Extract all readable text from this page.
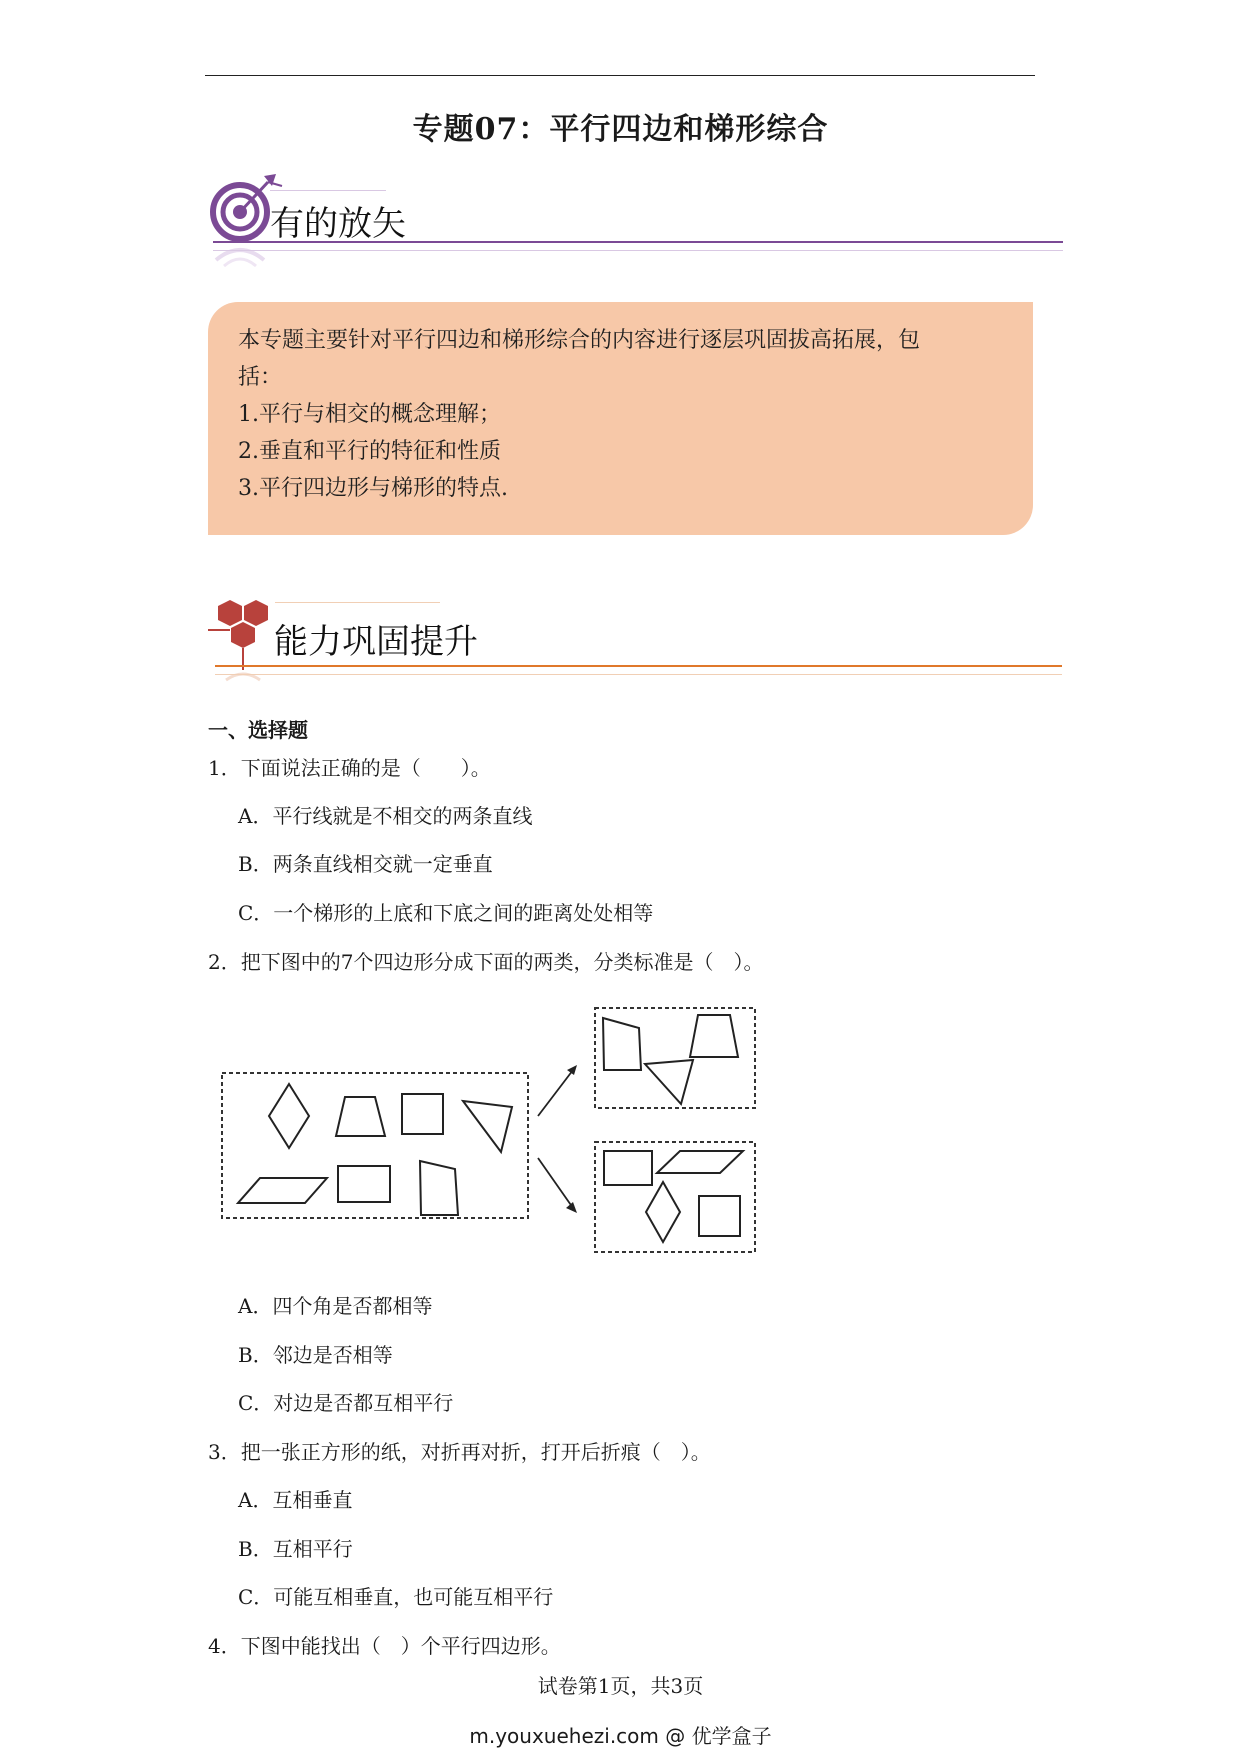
专题07：平行四边和梯形综合
有的放矢
本专题主要针对平行四边和梯形综合的内容进行逐层巩固拔高拓展，包
括：
1.平行与相交的概念理解；
2.垂直和平行的特征和性质
3.平行四边形与梯形的特点.
能力巩固提升
一、选择题
1．下面说法正确的是（　　）。
A．平行线就是不相交的两条直线
B．两条直线相交就一定垂直
C．一个梯形的上底和下底之间的距离处处相等
2．把下图中的7个四边形分成下面的两类，分类标准是（　）。
A．四个角是否都相等
B．邻边是否相等
C．对边是否都互相平行
3．把一张正方形的纸，对折再对折，打开后折痕（　）。
A．互相垂直
B．互相平行
C．可能互相垂直，也可能互相平行
4．下图中能找出（　）个平行四边形。
试卷第1页，共3页
m.youxuehezi.com @ 优学盒子
